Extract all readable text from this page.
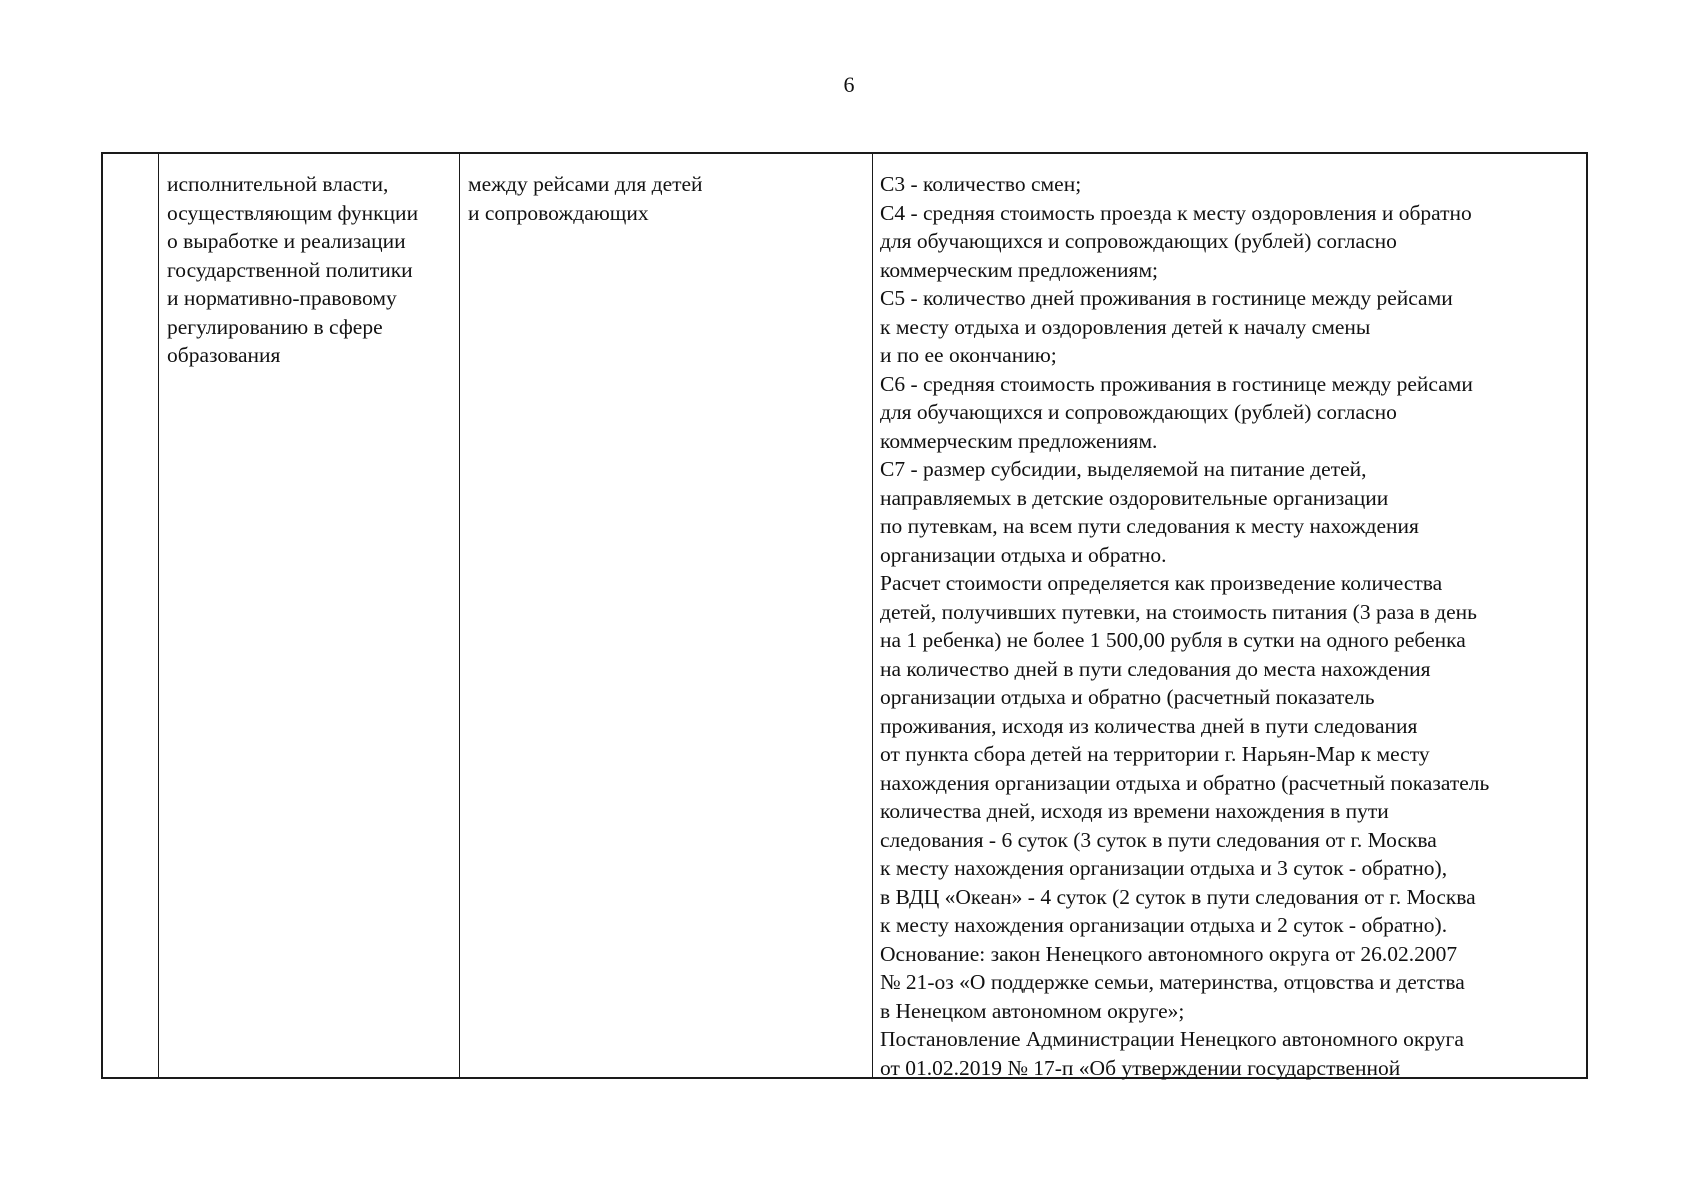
6
исполнительной власти,
осуществляющим функции
о выработке и реализации
государственной политики
и нормативно-правовому
регулированию в сфере
образования
между рейсами для детей
и сопровождающих
С3 - количество смен;
С4 - средняя стоимость проезда к месту оздоровления и обратно
для обучающихся и сопровождающих (рублей) согласно
коммерческим предложениям;
С5 - количество дней проживания в гостинице между рейсами
к месту отдыха и оздоровления детей к началу смены
и по ее окончанию;
С6 - средняя стоимость проживания в гостинице между рейсами
для обучающихся и сопровождающих (рублей) согласно
коммерческим предложениям.
С7 - размер субсидии, выделяемой на питание детей,
направляемых в детские оздоровительные организации
по путевкам, на всем пути следования к месту нахождения
организации отдыха и обратно.
Расчет стоимости определяется как произведение количества
детей, получивших путевки, на стоимость питания (3 раза в день
на 1 ребенка) не более 1 500,00 рубля в сутки на одного ребенка
на количество дней в пути следования до места нахождения
организации отдыха и обратно (расчетный показатель
проживания, исходя из количества дней в пути следования
от пункта сбора детей на территории г. Нарьян-Мар к месту
нахождения организации отдыха и обратно (расчетный показатель
количества дней, исходя из времени нахождения в пути
следования - 6 суток (3 суток в пути следования от г. Москва
к месту нахождения организации отдыха и 3 суток - обратно),
в ВДЦ «Океан» - 4 суток (2 суток в пути следования от г. Москва
к месту нахождения организации отдыха и 2 суток - обратно).
Основание: закон Ненецкого автономного округа от 26.02.2007
№ 21-оз «О поддержке семьи, материнства, отцовства и детства
в Ненецком автономном округе»;
Постановление Администрации Ненецкого автономного округа
от 01.02.2019 № 17-п «Об утверждении государственной
